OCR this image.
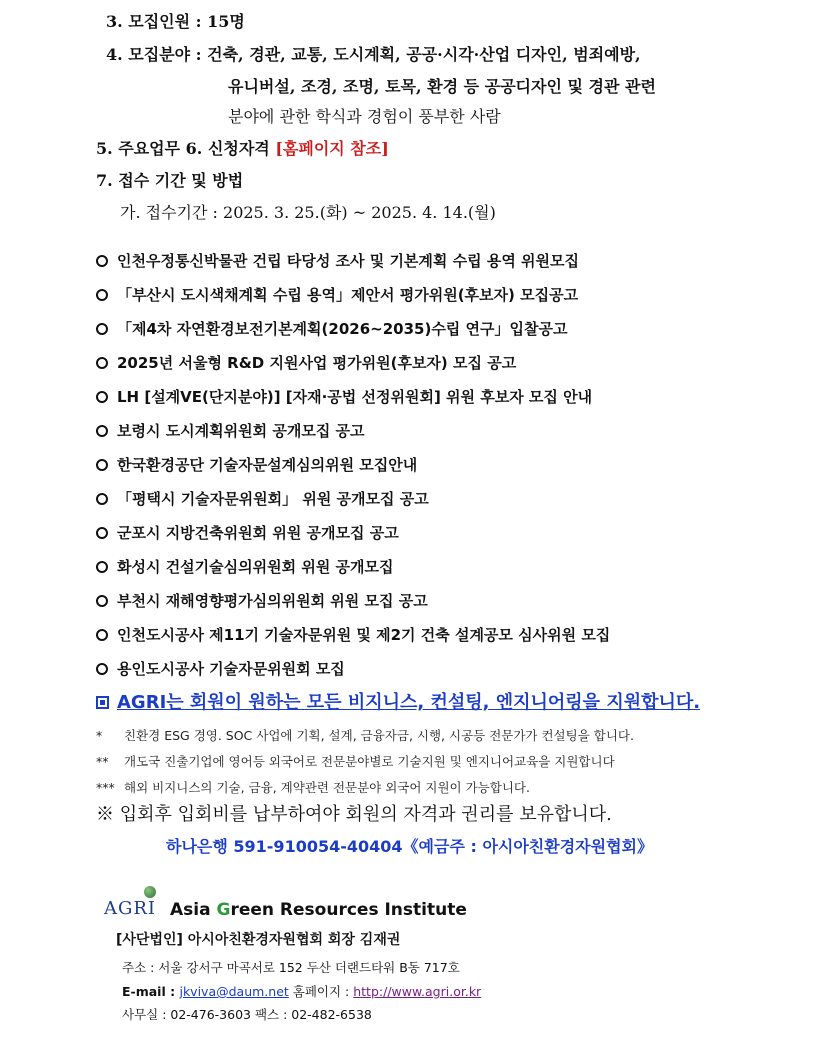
3. 모집인원 : 15명
4. 모집분야 : 건축, 경관, 교통, 도시계획, 공공·시각·산업 디자인, 범죄예방,
유니버설, 조경, 조명, 토목, 환경 등 공공디자인 및 경관 관련
분야에 관한 학식과 경험이 풍부한 사람
5. 주요업무 6. 신청자격 [홈페이지 참조]
7. 접수 기간 및 방법
가. 접수기간 : 2025. 3. 25.(화) ~ 2025. 4. 14.(월)
인천우정통신박물관 건립 타당성 조사 및 기본계획 수립 용역 위원모집
「부산시 도시색채계획 수립 용역」제안서 평가위원(후보자) 모집공고
「제4차 자연환경보전기본계획(2026~2035)수립 연구」입찰공고
2025년 서울형 R&D 지원사업 평가위원(후보자) 모집 공고
LH [설계VE(단지분야)] [자재·공법 선정위원회] 위원 후보자 모집 안내
보령시 도시계획위원회 공개모집 공고
한국환경공단 기술자문설계심의위원 모집안내
「평택시 기술자문위원회」 위원 공개모집 공고
군포시 지방건축위원회 위원 공개모집 공고
화성시 건설기술심의위원회 위원 공개모집
부천시 재해영향평가심의위원회 위원 모집 공고
인천도시공사 제11기 기술자문위원 및 제2기 건축 설계공모 심사위원 모집
용인도시공사 기술자문위원회 모집
AGRI는 회원이 원하는 모든 비지니스, 컨설팅, 엔지니어링을 지원합니다.
* 친환경 ESG 경영. SOC 사업에 기획, 설계, 금융자금, 시행, 시공등 전문가가 컨설팅을 합니다.
** 개도국 진출기업에 영어등 외국어로 전문분야별로 기술지원 및 엔지니어교육을 지원합니다
*** 해외 비지니스의 기술, 금융, 계약관련 전문분야 외국어 지원이 가능합니다.
※ 입회후 입회비를 납부하여야 회원의 자격과 권리를 보유합니다.
하나은행 591-910054-40404《예금주 : 아시아친환경자원협회》
AGRI Asia Green Resources Institute
[사단법인] 아시아친환경자원협회 회장 김재권
주소 : 서울 강서구 마곡서로 152 두산 더랜드타워 B동 717호
E-mail : jkviva@daum.net 홈페이지 : http://www.agri.or.kr
사무실 : 02-476-3603 팩스 : 02-482-6538
